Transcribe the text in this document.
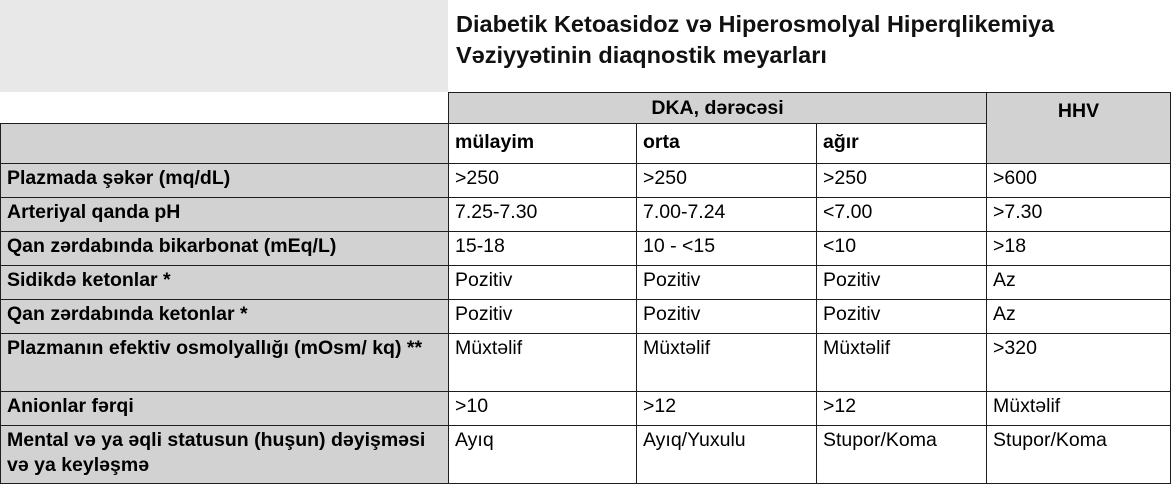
Diabetik Ketoasidoz və Hiperosmolyal Hiperqlikemiya Vəziyyətinin diaqnostik meyarları
	DKA, dərəcəsi			HHV
	mülayim	orta	ağır	
Plazmada şəkər (mq/dL)	>250	>250	>250	>600
Arteriyal qanda pH	7.25-7.30	7.00-7.24	<7.00	>7.30
Qan zərdabında bikarbonat (mEq/L)	15-18	10 - <15	<10	>18
Sidikdə ketonlar *	Pozitiv	Pozitiv	Pozitiv	Az
Qan zərdabında ketonlar *	Pozitiv	Pozitiv	Pozitiv	Az
Plazmanın efektiv osmolyallığı (mOsm/ kq) **	Müxtəlif	Müxtəlif	Müxtəlif	>320
Anionlar fərqi	>10	>12	>12	Müxtəlif
Mental və ya əqli statusun (huşun) dəyişməsi və ya keyləşmə	Ayıq	Ayıq/Yuxulu	Stupor/Koma	Stupor/Koma
